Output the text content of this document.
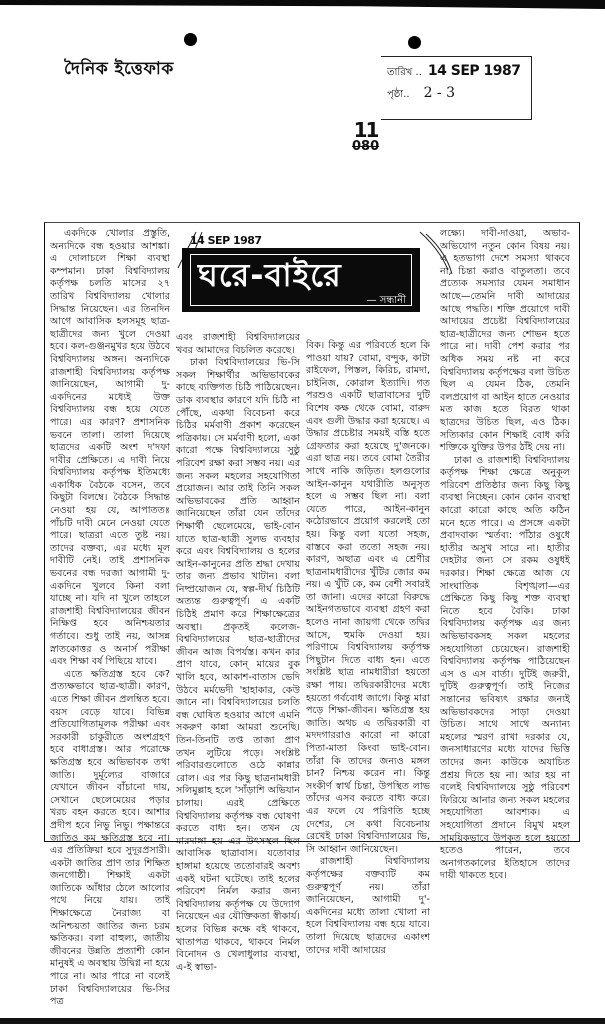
দৈনিক ইত্তেফাক	তারিখ .. 14 SEP 1987
পৃষ্ঠা.. 2 - 3
11
080

একদিকে খোলার প্রস্তুতি, অন্যদিকে বন্ধ হওয়ার আশঙ্কা। এ দোলাচলে শিক্ষা ব্যবস্থা কম্পমান। ঢাকা বিশ্ববিদ্যালয় কর্তৃপক্ষ চলতি মাসের ২৭ তারিখ বিশ্ববিদ্যালয় খোলার সিদ্ধান্ত নিয়েছেন। এর তিনদিন আগে আবাসিক হলসমূহ ছাত্র-ছাত্রীদের জন্য খুলে দেওয়া হবে। কল-গুঞ্জনমুখর হয়ে উঠবে বিশ্ববিদ্যালয় অঙ্গন। অন্যদিকে রাজশাহী বিশ্ববিদ্যালয় কর্তৃপক্ষ জানিয়েছেন, আগামী দু-একদিনের মধ্যেই উক্ত বিশ্ববিদ্যালয় বন্ধ হয়ে যেতে পারে। এর কারণ? প্রশাসনিক ভবনে তালা। তালা দিয়েছে ছাত্রদের একটি অংশ দ'দফা দাবীর প্রেক্ষিতে। এ দাবী নিয়ে বিশ্ববিদ্যালয় কর্তৃপক্ষ ইতিমধ্যে একাধিক বৈঠকে বসেন, তবে কিছুটা বিলম্বে। বৈঠকে সিদ্ধান্ত নেওয়া হয় যে, আপাততঃ পাঁচটি দাবী মেনে নেওয়া যেতে পারে। ছাত্ররা এতে তুষ্ট নয়। তাদের বক্তব্য, এর মধ্যে মূল দাবীটি নেই। তাই প্রশাসনিক ভবনের বন্ধ দরজা আগামী দু-একদিনে খুলবে কিনা বলা যাচ্ছে না। যদি না খুলে তাহলে রাজশাহী বিশ্ববিদ্যালয়ের জীবন নিক্ষিপ্ত হবে অনিশ্চয়তার গর্তাবে। শুধু তাই নয়, আসন্ন স্নাতকোত্তর ও অনার্স পরীক্ষা এবং শিক্ষা বর্ষ পিছিয়ে যাবে।

এতে ক্ষতিগ্রস্ত হবে কে? প্রত্যক্ষভাবে ছাত্র-ছাত্রী। কারণ, এতে শিক্ষা জীবন প্রলম্বিত হবে। বয়স বেড়ে যাবে। বিভিন্ন প্রতিযোগিতামূলক পরীক্ষা এবং সরকারী চাকুরীতে অংশগ্রহণ হবে বাধাগ্রস্ত। আর পরোক্ষে ক্ষতিগ্রস্ত হবে অভিভাবক তথা জাতি। দুর্মূল্যের বাজারে যেখানে জীবন বাঁচানো দায়, সেখানে ছেলেমেয়ের পড়ার খরচ বহন করতে হবে। আশার প্রদীপ হবে নিভু নিভু। পক্ষান্তরে জাতিও কম ক্ষতিগ্রস্ত হবে না। এর প্রতিক্রিয়া হবে সুদূরপ্রসারী। একটা জাতির প্রাণ তার শিক্ষিত জনগোষ্ঠী। শিক্ষাই একটা জাতিকে আঁধার ঠেলে আলোর পথে নিয়ে যায়। তাই শিক্ষাক্ষেত্রে নৈরাজ্য বা অনিশ্চয়তা জাতির জন্য চরম ক্ষতিকর। বলা বাহুল্য, জাতীয় জীবনের উন্নতি প্রত্যাশী কোন মানুষই এ অবস্থায় উদ্বিগ্ন না হয়ে পারে না। আর পারে না বলেই ঢাকা বিশ্ববিদ্যালয়ের ভি-সির পত্র

এবং রাজশাহী বিশ্ববিদ্যালয়ের খবর আমাদের বিচলিত করেছে।

ঢাকা বিশ্ববিদ্যালয়ের ভি-সি সকল শিক্ষার্থীর অভিভাবকের কাছে ব্যক্তিগত চিঠি পাঠিয়েছেন। ডাক ব্যবস্থার কারণে যদি চিঠি না পৌঁছে, একথা বিবেচনা করে চিঠির মর্মবাণী প্রকাশ করেছেন পত্রিকায়। সে মর্মবাণী হলো, একা কারো পক্ষে বিশ্ববিদ্যালয়ে সুষ্ঠু পরিবেশ রক্ষা করা সম্ভব নয়। এর জন্য সকল মহলের সহযোগিতা প্রয়োজন। আর তাই তিনি সকল অভিভাবকের প্রতি আহ্বান জানিয়েছেন তাঁরা যেন তাঁদের শিক্ষার্থী ছেলেমেয়ে, ভাই-বোন যাতে ছাত্র-ছাত্রী সুলভ ব্যবহার করে এবং বিশ্ববিদ্যালয় ও হলের আইন-কানুনের প্রতি শ্রদ্ধা দেখায় তার জন্য প্রভাব খাটান। বলা নিষ্প্রয়োজন যে, স্বল্প-দীর্ঘ চিঠিটি অত্যন্ত গুরুত্বপূর্ণ। এ একটি চিঠিই প্রমাণ করে শিক্ষাক্ষেত্রের অবস্থা। প্রকৃতই কলেজ-বিশ্ববিদ্যালয়ের ছাত্র-ছাত্রীদের জীবন আজ বিপর্যস্ত। কখন কার প্রাণ যাবে, কোন্ মায়ের বুক খালি হবে, আকাশ-বাতাস ভেদি উঠবে মর্মভেদী 'হাহাকার, কেউ জানে না। বিশ্ববিদ্যালয়ের চলতি বন্ধ ঘোষিত হওয়ার আগে এমনি সকরুণ কান্না আমরা শুনেছি। তিন-তিনটি তপ্ত তাজা প্রাণ তখন লুটিয়ে পড়ে। সংশ্লিষ্ট পরিবারগুলোতে ওঠে কান্নার রোল। এর পর কিছু ছাত্রনামধারী সলিমুল্লাহ হলে 'সাঁড়াশি অভিযান চালায়। এরই প্রেক্ষিতে বিশ্ববিদ্যালয় কর্তৃপক্ষ বন্ধ ঘোষণা করতে বাধ্য হন। তখন যে মারদাঙ্গা হয় এর উৎসস্থল ছিল আবাসিক ছাত্রাবাস। যতোবার হাঙ্গামা হয়েছে ততোবারই অবশ্য একই ঘটনা ঘটেছে। তাই হলের পরিবেশ নির্মল করার জন্য বিশ্ববিদ্যালয় কর্তৃপক্ষ যে উদ্যোগ নিয়েছেন এর যৌক্তিকতা স্বীকার্য। হলের বিভিন্ন কক্ষে বই থাকবে, খাতাপত্র থাকবে, থাকবে নির্মল বিনোদন ও খেলাধুলার ব্যবস্থা, এ-ই স্বাভা-

বিক। কিন্তু এর পরিবর্তে হলে কি পাওয়া যায়? বোমা, বন্দুক, কাটা রাইফেল, পিস্তল, কিরিচ, রামদা, চাইনিজ, কোরাল ইত্যাদি। গত পরশুও একটি ছাত্রাবাসের দুটি বিশেষ কক্ষ থেকে বোমা, বারুদ এবং গুলী উদ্ধার করা হয়েছে। এ উদ্ধার প্রচেষ্টার সময়ই বস্তি হতে গ্রেফতার করা হয়েছে দু'জনকে। এরা ছাত্র নয়। তবে বোমা তৈরীর সাথে নাকি জড়িত। হলগুলোর আইন-কানুন যথারীতি অনুসৃত হলে এ সম্ভব ছিল না। বলা যেতে পারে, আইন-কানুন কঠোরভাবে প্রয়োগ করলেই তো হয়। কিন্তু বলা যতো সহজ, বাস্তবে করা ততো সহজ নয়। কারণ, অছাত্র এবং এ শ্রেণীর ছাত্রনামধারীদের খুঁটির জোর কম নয়। এ খুঁটি কে, কম বেশী সবারই তা জানা। এদের কারো বিরুদ্ধে আইনগতভাবে ব্যবস্থা গ্রহণ করা হলেও নানা জায়গা থেকে তদ্বির আসে, হুমকি দেওয়া হয়। পরিণামে বিশ্ববিদ্যালয় কর্তৃপক্ষ পিছুটান দিতে বাধ্য হন। এতে সংশ্লিষ্ট ছাত্র নামধারীরা হয়তো রক্ষা পায়। তদ্বিরকারীদের মধ্যে হয়তো গর্ববোধ জাগে। কিন্তু মারা পড়ে শিক্ষা-জীবন। ক্ষতিগ্রস্ত হয় জাতি। অথচ এ তদ্বিরকারী বা মদদগাররাও কারো না কারো পিতা-মাতা কিংবা ভাই-বোন। তাঁরা কি তাদের জন্যও মঙ্গল চান? নিশ্চয় করেন না। কিন্তু সংকীর্ণ স্বার্থ চিন্তা, উপস্থিত লাভ তাঁদের এসব করতে বাধ্য করে। এর ফলে যে পরিণতি হচ্ছে দেশের, সে কথা বিবেচনায় রেখেই ঢাকা বিশ্ববিদ্যালয়ের ভি, সি আহ্বান জানিয়েছেন।

রাজশাহী বিশ্ববিদ্যালয় কর্তৃপক্ষের বক্তব্যটি কম গুরুত্বপূর্ণ নয়। তাঁরা জানিয়েছেন, আগামী দু'-একদিনের মধ্যে তালা খোলা না হলে বিশ্ববিদ্যালয় বন্ধ হয়ে যাবে। তালা দিয়েছে ছাত্রদের একাংশ তাদের দাবী আদায়ের

লক্ষ্যে। দাবী-দাওয়া, অভাব-অভিযোগ নতুন কোন বিষয় নয়। এ হতভাগা দেশে সমস্যা থাকবে না, চিন্তা করাও বাতুলতা। তবে প্রত্যেক সমস্যার যেমন সমাধান আছে—তেমনি দাবী আদায়ের আছে পদ্ধতি। শক্তি প্রয়োগে দাবী আদায়ের প্রচেষ্টা বিশ্ববিদ্যালয়ের ছাত্র-ছাত্রীদের জন্য শোভন হতে পারে না। দাবী পেশ করার পর অধিক সময় নষ্ট না করে বিশ্ববিদ্যালয় কর্তৃপক্ষের বলা উচিত ছিল এ যেমন ঠিক, তেমনি বলপ্রয়োগ বা আইন হাতে নেওয়ার মত কাজ হতে বিরত থাকা ছাত্রদের উচিত ছিল, এও ঠিক। সত্যিকার কোন শিক্ষাই বোধ করি শক্তিকে যুক্তির উপর ঠাঁই দেয় না।

ঢাকা ও রাজশাহী বিশ্ববিদ্যালয় কর্তৃপক্ষ শিক্ষা ক্ষেত্রে অনুকূল পরিবেশ প্রতিষ্ঠার জন্য কিছু কিছু ব্যবস্থা নিচ্ছেন। কোন কোন ব্যবস্থা কারো কারো কাছে অতি কঠিন মনে হতে পারে। এ প্রসঙ্গে একটা প্রবাদবাক্য স্মর্তব্য: পাঁঠার ওষুধে হাতীর অসুখ সারে না। হাতীর দেহটার জন্য সে রকম ওষুধই দরকার। শিক্ষা ক্ষেত্রে আজ যে সাংঘাতিক বিশৃঙ্খলা—এর প্রেক্ষিতে কিছু কিছু শক্ত ব্যবস্থা নিতে হবে বৈকি। ঢাকা বিশ্ববিদ্যালয় কর্তৃপক্ষ এর জন্য অভিভাবকসহ সকল মহলের সহযোগিতা চেয়েছেন। রাজশাহী বিশ্ববিদ্যালয় কর্তৃপক্ষ পাঠিয়েছেন এস ও এস বার্তা। দুটিই জরুরী, দুটিই গুরুত্বপূর্ণ। তাই নিজের সন্তানের ভবিষ্যৎ রক্ষার জন্যই অভিভাবকদের সাড়া দেওয়া উচিত। সাথে সাথে অন্যান্য মহলের স্মরণ রাখা দরকার যে, জনসাধারণের মধ্যে যাদের ভিত্তি তাদের জন্য কাউকে অযাচিত প্রশ্রয় দিতে হয় না। আর হয় না বলেই বিশ্ববিদ্যালয়ে সুষ্ঠু পরিবেশ ফিরিয়ে আনার জন্য সকল মহলের সহযোগিতা আবশ্যক। এ সহযোগিতা প্রদানে বিমুখ মহল সাময়িকভাবে উপকৃত হলে হয়তো হতেও পারেন, তবে অনাগতকালের ইতিহাসে তাদের দায়ী থাকতে হবে।

14 SEP 1987
ঘরে-বাইরে
— সন্ধানী
